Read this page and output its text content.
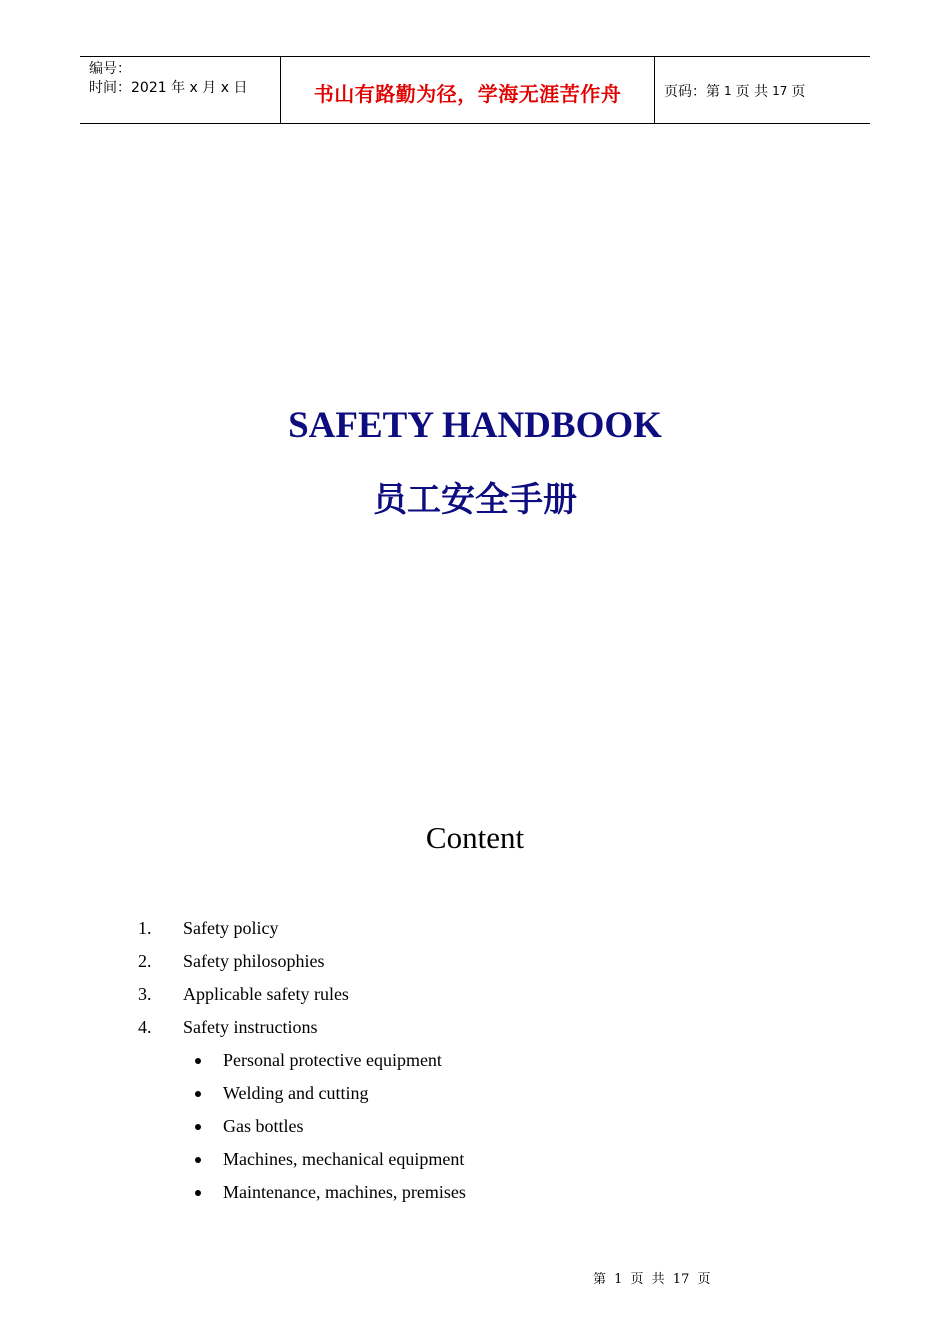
编号：
时间：2021 年 x 月 x 日	书山有路勤为径，学海无涯苦作舟	页码：第 1 页 共 17 页
SAFETY HANDBOOK
员工安全手册
Content
1. Safety policy
2. Safety philosophies
3. Applicable safety rules
4. Safety instructions
Personal protective equipment
Welding and cutting
Gas bottles
Machines, mechanical equipment
Maintenance, machines, premises
第 1 页 共 17 页
